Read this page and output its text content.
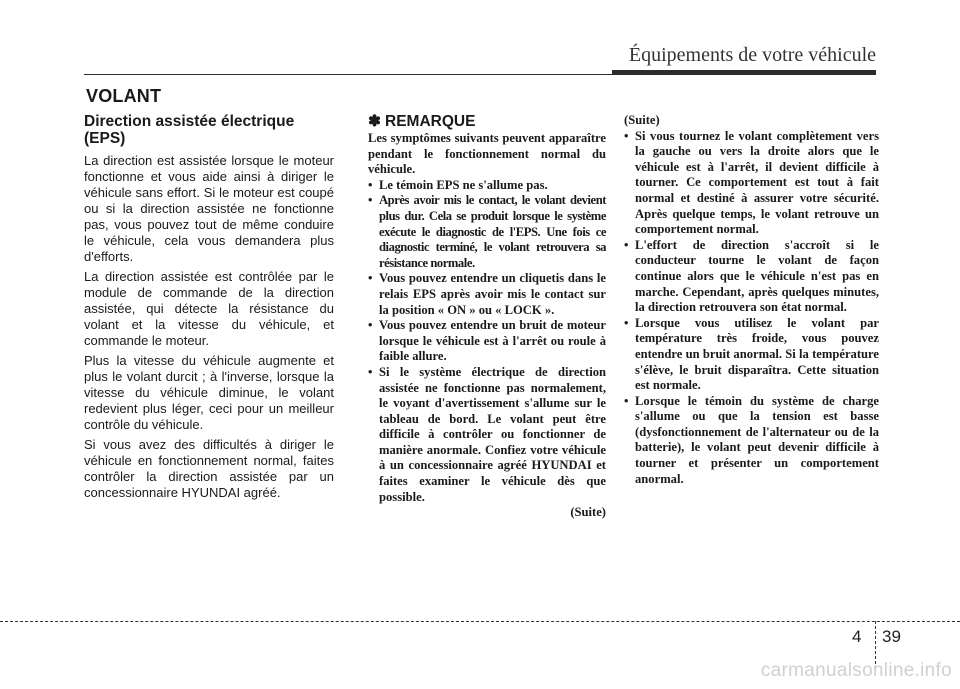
Équipements de votre véhicule
VOLANT
Direction assistée électrique
(EPS)

La direction est assistée lorsque le moteur fonctionne et vous aide ainsi à diriger le véhicule sans effort. Si le moteur est coupé ou si la direction assistée ne fonctionne pas, vous pouvez tout de même conduire le véhicule, cela vous demandera plus d'efforts.

La direction assistée est contrôlée par le module de commande de la direction assistée, qui détecte la résistance du volant et la vitesse du véhicule, et commande le moteur.

Plus la vitesse du véhicule augmente et plus le volant durcit ; à l'inverse, lorsque la vitesse du véhicule diminue, le volant redevient plus léger, ceci pour un meilleur contrôle du véhicule.

Si vous avez des difficultés à diriger le véhicule en fonctionnement normal, faites contrôler la direction assistée par un concessionnaire HYUNDAI agréé.

✽ REMARQUE

Les symptômes suivants peuvent apparaître pendant le fonctionnement normal du véhicule.

• Le témoin EPS ne s'allume pas.
• Après avoir mis le contact, le volant devient plus dur. Cela se produit lorsque le système exécute le diagnostic de l'EPS. Une fois ce diagnostic terminé, le volant retrouvera sa résistance normale.
• Vous pouvez entendre un cliquetis dans le relais EPS après avoir mis le contact sur la position « ON » ou « LOCK ».
• Vous pouvez entendre un bruit de moteur lorsque le véhicule est à l'arrêt ou roule à faible allure.
• Si le système électrique de direction assistée ne fonctionne pas normalement, le voyant d'avertissement s'allume sur le tableau de bord. Le volant peut être difficile à contrôler ou fonctionner de manière anormale. Confiez votre véhicule à un concessionnaire agréé HYUNDAI et faites examiner le véhicule dès que possible.

(Suite)

(Suite)

• Si vous tournez le volant complètement vers la gauche ou vers la droite alors que le véhicule est à l'arrêt, il devient difficile à tourner. Ce comportement est tout à fait normal et destiné à assurer votre sécurité. Après quelque temps, le volant retrouve un comportement normal.
• L'effort de direction s'accroît si le conducteur tourne le volant de façon continue alors que le véhicule n'est pas en marche. Cependant, après quelques minutes, la direction retrouvera son état normal.
• Lorsque vous utilisez le volant par température très froide, vous pouvez entendre un bruit anormal. Si la température s'élève, le bruit disparaîtra. Cette situation est normale.
• Lorsque le témoin du système de charge s'allume ou que la tension est basse (dysfonctionnement de l'alternateur ou de la batterie), le volant peut devenir difficile à tourner et présenter un comportement anormal.
4 39
carmanualsonline.info
